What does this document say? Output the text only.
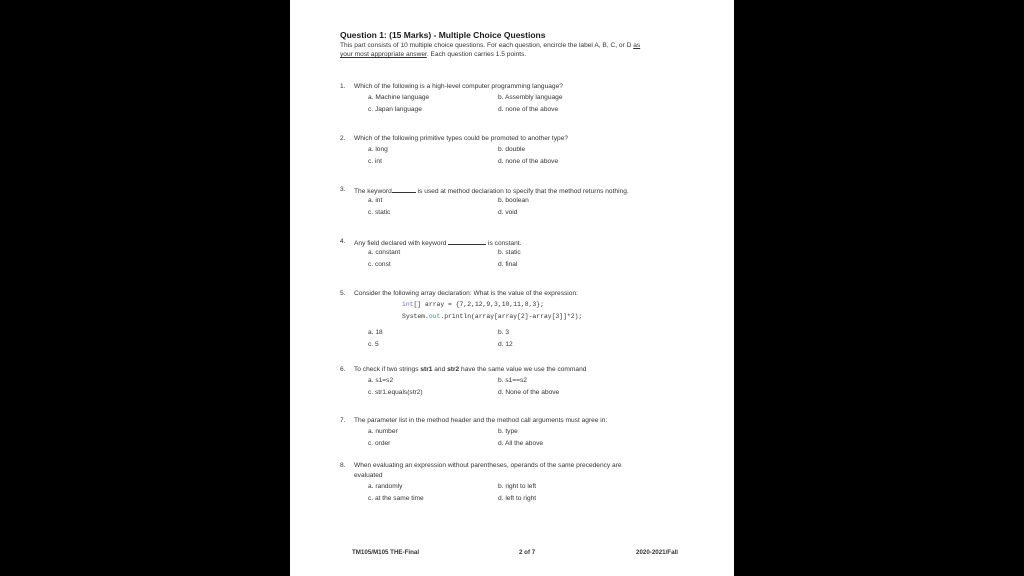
Question 1: (15 Marks) - Multiple Choice Questions
This part consists of 10 multiple choice questions. For each question, encircle the label A, B, C, or D as
your most appropriate answer. Each question carries 1.5 points.
1. Which of the following is a high-level computer programming language?
a. Machine language	b. Assembly language
c. Japan language	d. none of the above
2. Which of the following primitive types could be promoted to another type?
a. long	b. double
c. int	d. none of the above
3. The keyword	is used at method declaration to specify that the method returns nothing.
a. int	b. boolean
c. static	d. void
4. Any field declared with keyword	is constant.
a. constant	b. static
c. const	d. final
5. Consider the following array declaration: What is the value of the expression:
int[] array = {7,2,12,9,3,10,11,8,3};
System.out.println(array[array[2]-array[3]]*2);
a. 18	b. 3
c. 5	d. 12
6. To check if two strings str1 and str2 have the same value we use the command
a. s1=s2	b. s1==s2
c. str1.equals(str2)	d. None of the above
7. The parameter list in the method header and the method call arguments must agree in:
a. number	b. type
c. order	d. All the above
8. When evaluating an expression without parentheses, operands of the same precedency are
evaluated
a. randomly	b. right to left
c. at the same time	d. left to right
TM105/M105 THE-Final	2 of 7	2020-2021/Fall
